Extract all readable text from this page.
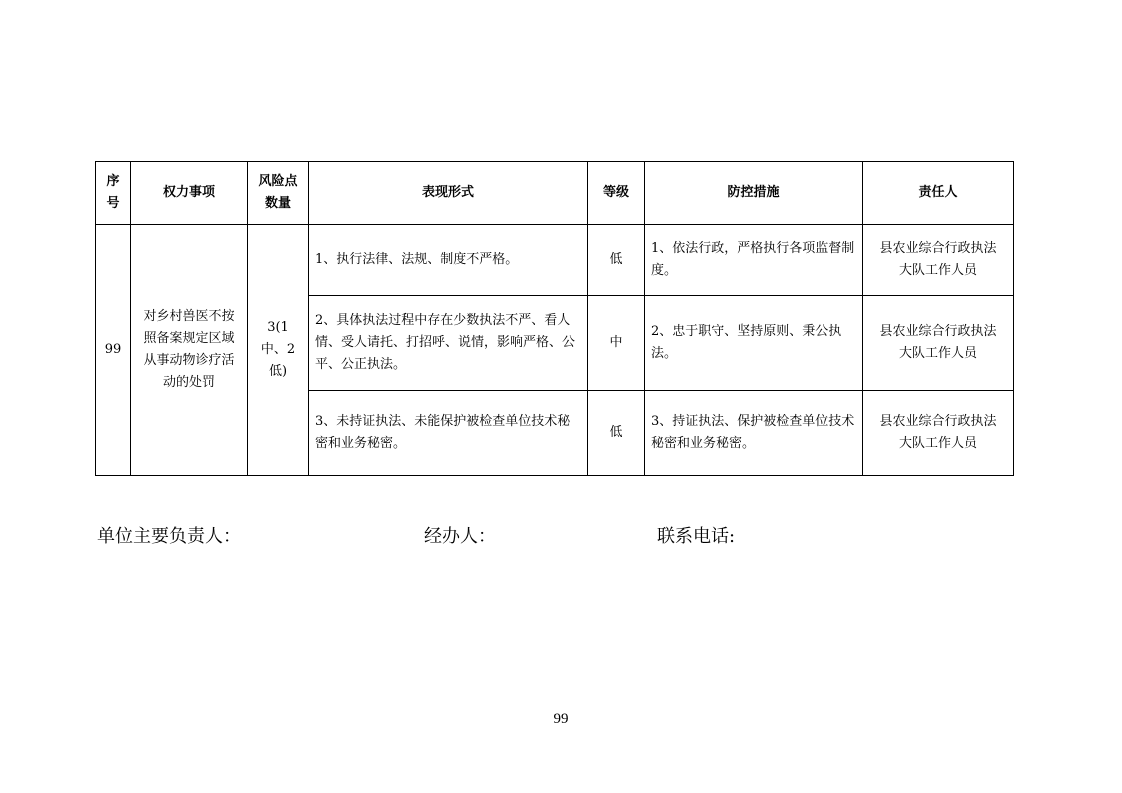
序号	权力事项	风险点数量	表现形式	等级	防控措施	责任人
99	对乡村兽医不按照备案规定区域从事动物诊疗活动的处罚	3(1中、2低)	1、执行法律、法规、制度不严格。	低	1、依法行政，严格执行各项监督制度。	县农业综合行政执法大队工作人员
			2、具体执法过程中存在少数执法不严、看人情、受人请托、打招呼、说情，影响严格、公平、公正执法。	中	2、忠于职守、坚持原则、秉公执法。	县农业综合行政执法大队工作人员
			3、未持证执法、未能保护被检查单位技术秘密和业务秘密。	低	3、持证执法、保护被检查单位技术秘密和业务秘密。	县农业综合行政执法大队工作人员
单位主要负责人：	经办人：	联系电话:
99
